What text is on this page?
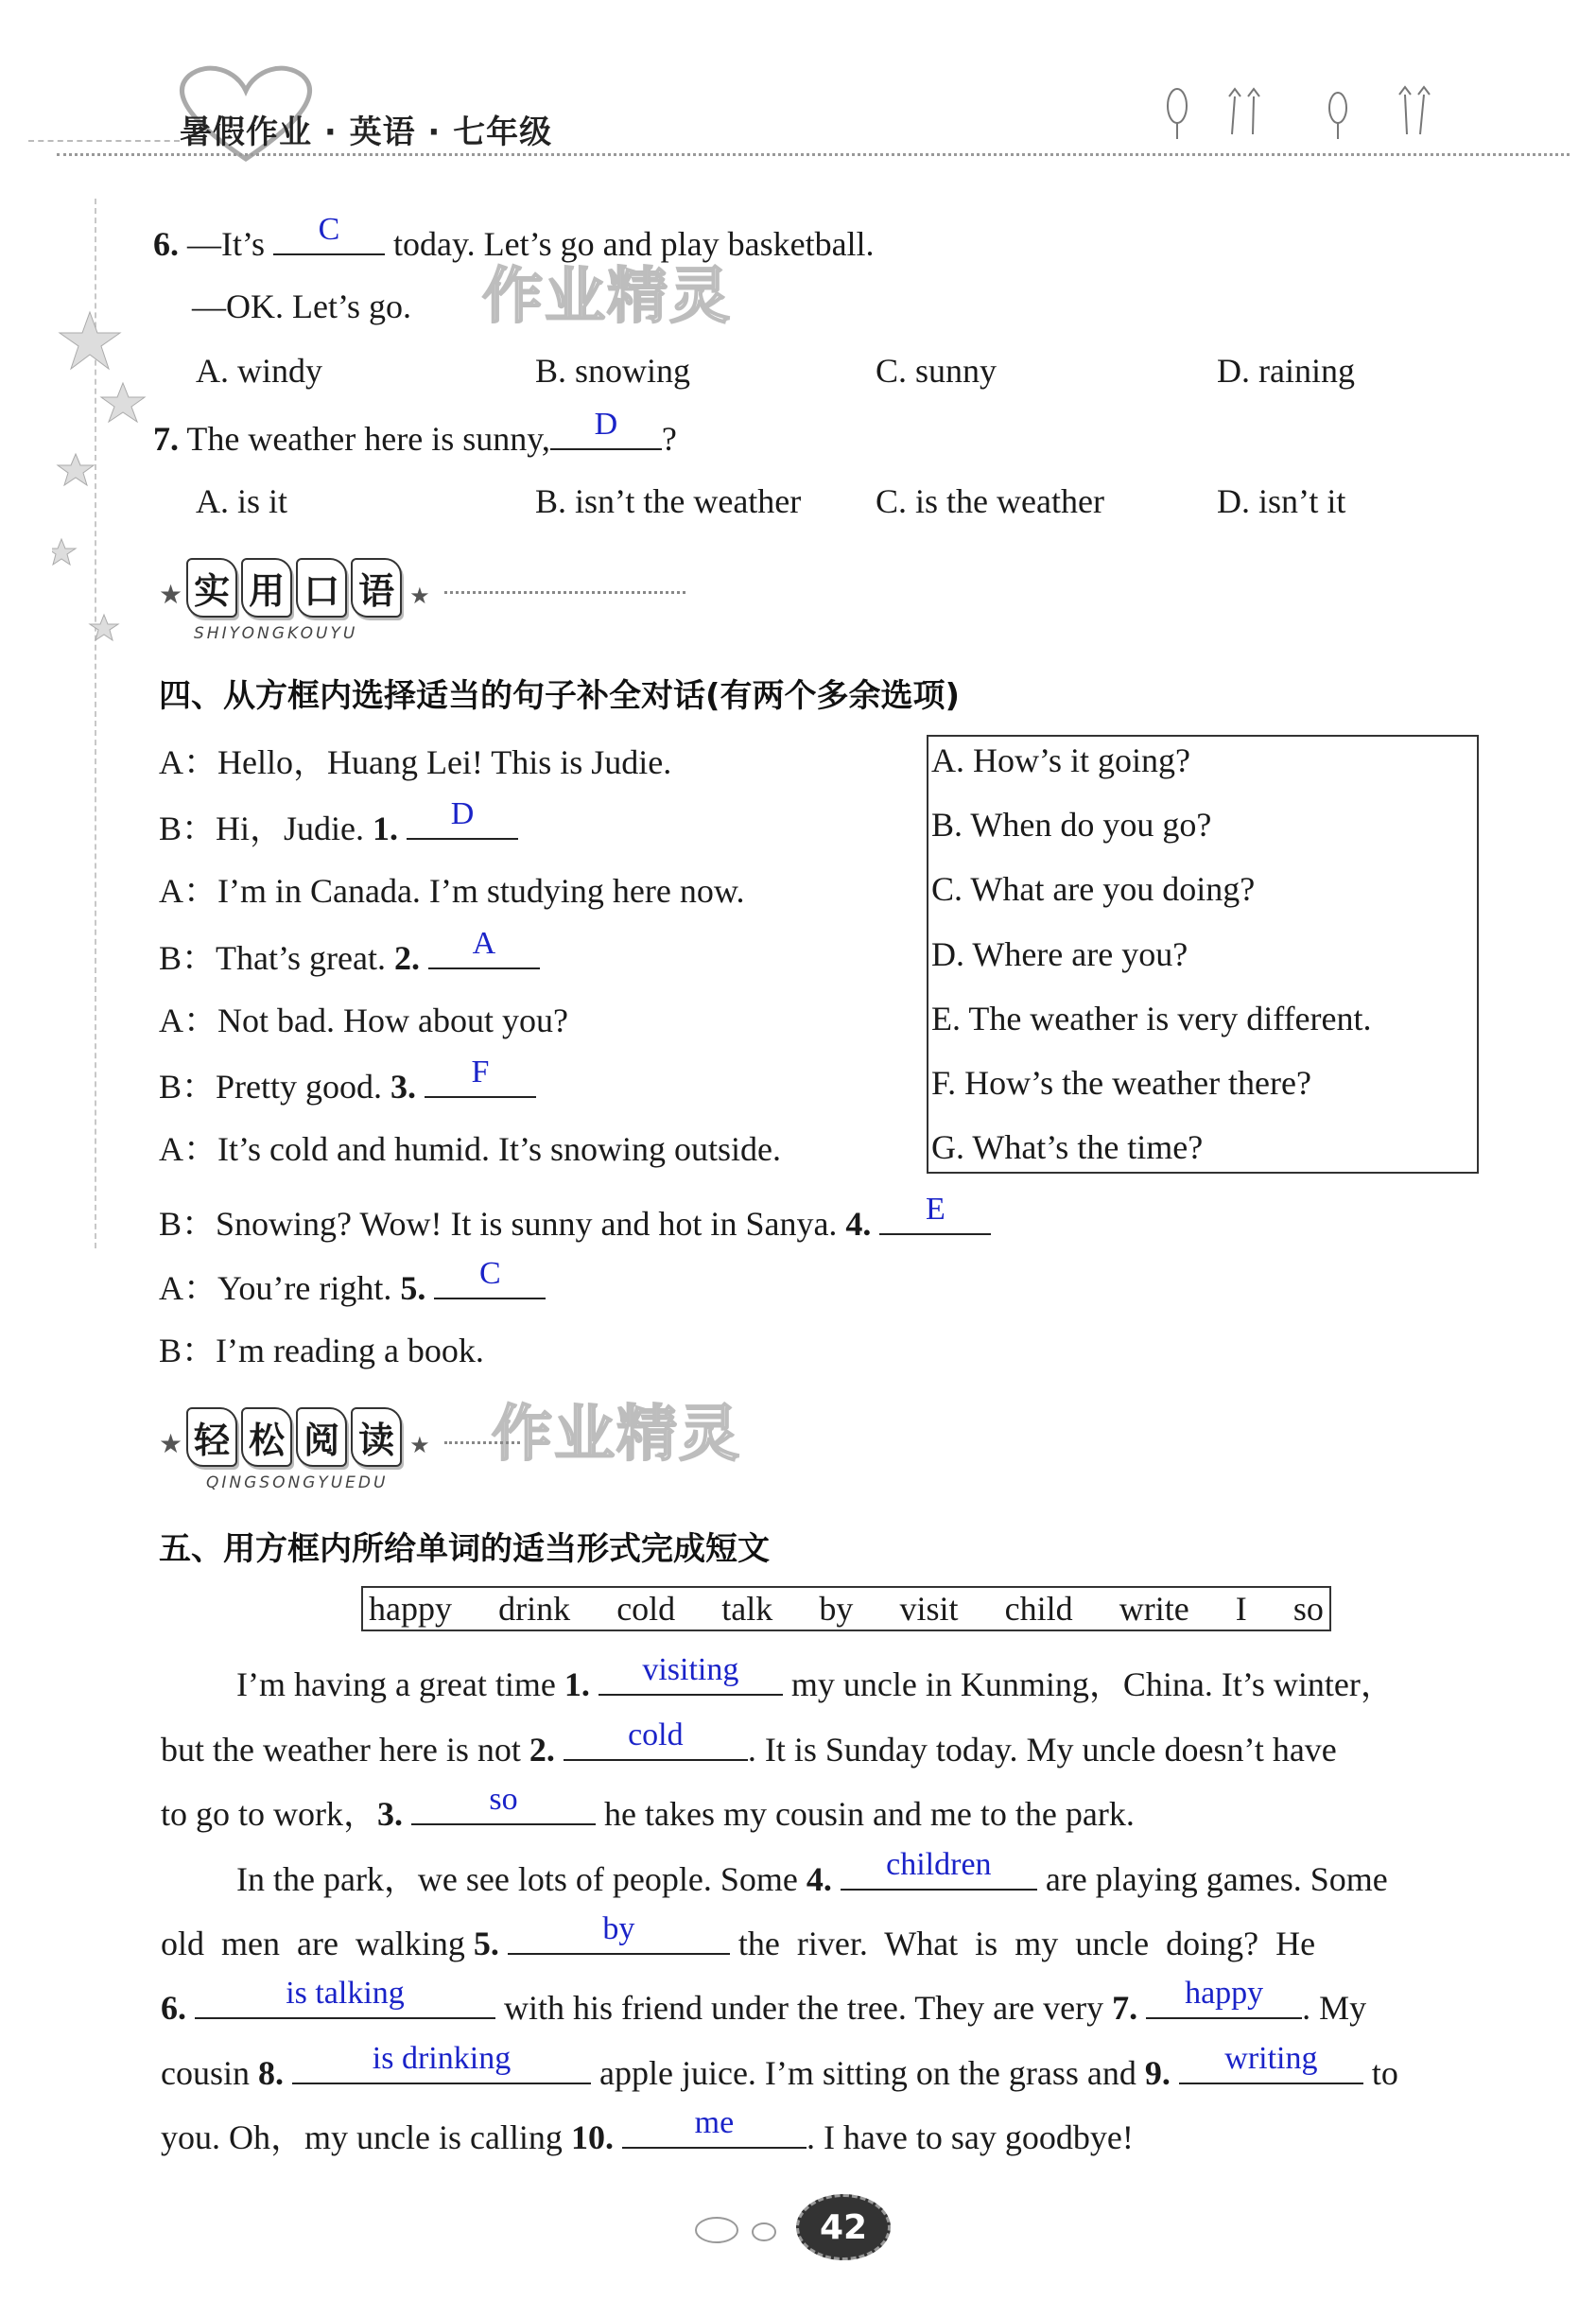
暑假作业 · 英语 · 七年级
作业精灵
作业精灵
6. —It’s	C	today. Let’s go and play basketball.
—OK. Let’s go.
A. windy	B. snowing	C. sunny	D. raining
7. The weather here is sunny,	D	?
A. is it	B. isn’t the weather C. is the weather	D. isn’t it
★ 实 用 口 语 ★
SHIYONGKOUYU
四、从方框内选择适当的句子补全对话(有两个多余选项)
A：Hello，Huang Lei! This is Judie.
B：Hi，Judie. 1.	D
A：I’m in Canada. I’m studying here now.
B：That’s great. 2.	A
A：Not bad. How about you?
B：Pretty good. 3.	F
A：It’s cold and humid. It’s snowing outside.
B：Snowing? Wow! It is sunny and hot in Sanya. 4.	E
A：You’re right. 5.	C
B：I’m reading a book.
A. How’s it going?
B. When do you go?
C. What are you doing?
D. Where are you?
E. The weather is very different.
F. How’s the weather there?
G. What’s the time?
★ 轻 松 阅 读 ★
QINGSONGYUEDU
五、用方框内所给单词的适当形式完成短文
happy drink cold talk by visit child write I so
I’m having a great time 1.	visiting	my uncle in Kunming，China. It’s winter，
but the weather here is not 2.	cold	. It is Sunday today. My uncle doesn’t have
to go to work，3.	so	he takes my cousin and me to the park.
In the park，we see lots of people. Some 4.	children	are playing games. Some
old  men  are  walking 5.	by	the  river.  What  is  my  uncle  doing?  He
6.	is talking	with his friend under the tree. They are very 7.	happy	. My
cousin 8.	is drinking	apple juice. I’m sitting on the grass and 9.	writing	to
you. Oh，my uncle is calling 10.	me	. I have to say goodbye!
42
